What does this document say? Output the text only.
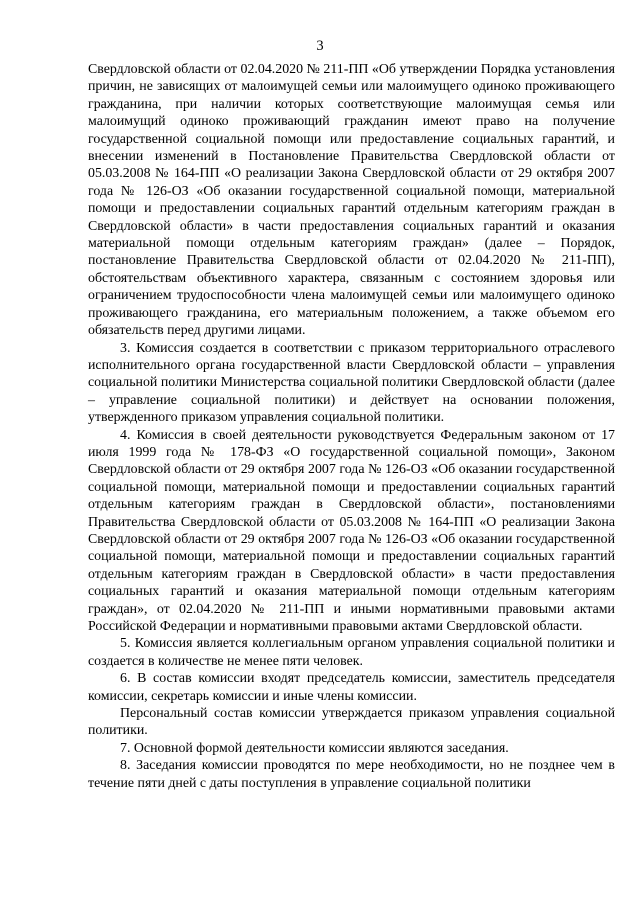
3

Свердловской области от 02.04.2020 № 211-ПП «Об утверждении Порядка установления причин, не зависящих от малоимущей семьи или малоимущего одиноко проживающего гражданина, при наличии которых соответствующие малоимущая семья или малоимущий одиноко проживающий гражданин имеют право на получение государственной социальной помощи или предоставление социальных гарантий, и внесении изменений в Постановление Правительства Свердловской области от 05.03.2008 № 164-ПП «О реализации Закона Свердловской области от 29 октября 2007 года № 126-ОЗ «Об оказании государственной социальной помощи, материальной помощи и предоставлении социальных гарантий отдельным категориям граждан в Свердловской области» в части предоставления социальных гарантий и оказания материальной помощи отдельным категориям граждан» (далее – Порядок, постановление Правительства Свердловской области от 02.04.2020 № 211-ПП), обстоятельствам объективного характера, связанным с состоянием здоровья или ограничением трудоспособности члена малоимущей семьи или малоимущего одиноко проживающего гражданина, его материальным положением, а также объемом его обязательств перед другими лицами.

3. Комиссия создается в соответствии с приказом территориального отраслевого исполнительного органа государственной власти Свердловской области – управления социальной политики Министерства социальной политики Свердловской области (далее – управление социальной политики) и действует на основании положения, утвержденного приказом управления социальной политики.

4. Комиссия в своей деятельности руководствуется Федеральным законом от 17 июля 1999 года № 178-ФЗ «О государственной социальной помощи», Законом Свердловской области от 29 октября 2007 года № 126-ОЗ «Об оказании государственной социальной помощи, материальной помощи и предоставлении социальных гарантий отдельным категориям граждан в Свердловской области», постановлениями Правительства Свердловской области от 05.03.2008 № 164-ПП «О реализации Закона Свердловской области от 29 октября 2007 года № 126-ОЗ «Об оказании государственной социальной помощи, материальной помощи и предоставлении социальных гарантий отдельным категориям граждан в Свердловской области» в части предоставления социальных гарантий и оказания материальной помощи отдельным категориям граждан», от 02.04.2020 № 211-ПП и иными нормативными правовыми актами Российской Федерации и нормативными правовыми актами Свердловской области.

5. Комиссия является коллегиальным органом управления социальной политики и создается в количестве не менее пяти человек.

6. В состав комиссии входят председатель комиссии, заместитель председателя комиссии, секретарь комиссии и иные члены комиссии.

Персональный состав комиссии утверждается приказом управления социальной политики.

7. Основной формой деятельности комиссии являются заседания.

8. Заседания комиссии проводятся по мере необходимости, но не позднее чем в течение пяти дней с даты поступления в управление социальной политики
